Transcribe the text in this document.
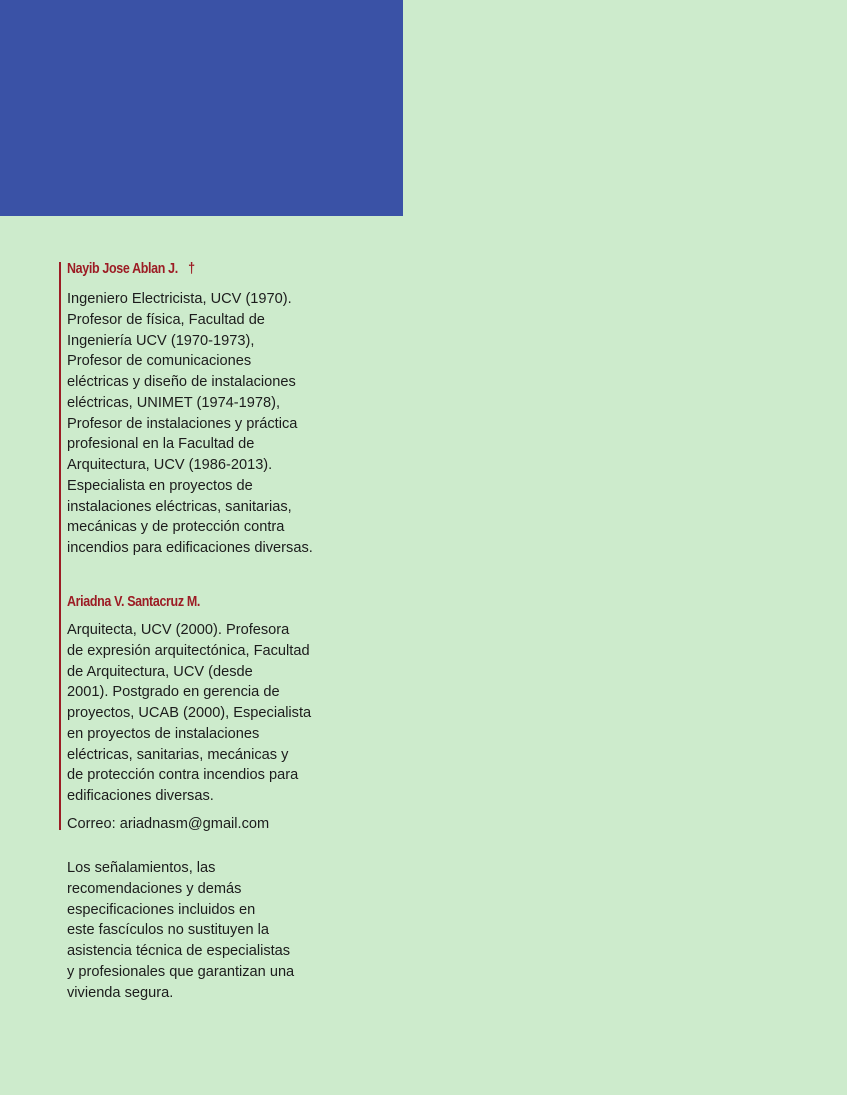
Nayib Jose Ablan J. †

Ingeniero Electricista, UCV (1970).
Profesor de física, Facultad de
Ingeniería UCV (1970-1973),
Profesor de comunicaciones
eléctricas y diseño de instalaciones
eléctricas, UNIMET (1974-1978),
Profesor de instalaciones y práctica
profesional en la Facultad de
Arquitectura, UCV (1986-2013).
Especialista en proyectos de
instalaciones eléctricas, sanitarias,
mecánicas y de protección contra
incendios para edificaciones diversas.

Ariadna V. Santacruz M.

Arquitecta, UCV (2000). Profesora
de expresión arquitectónica, Facultad
de Arquitectura, UCV (desde
2001). Postgrado en gerencia de
proyectos, UCAB (2000), Especialista
en proyectos de instalaciones
eléctricas, sanitarias, mecánicas y
de protección contra incendios para
edificaciones diversas.

Correo: ariadnasm@gmail.com

Los señalamientos, las
recomendaciones y demás
especificaciones incluidos en
este fascículos no sustituyen la
asistencia técnica de especialistas
y profesionales que garantizan una
vivienda segura.
